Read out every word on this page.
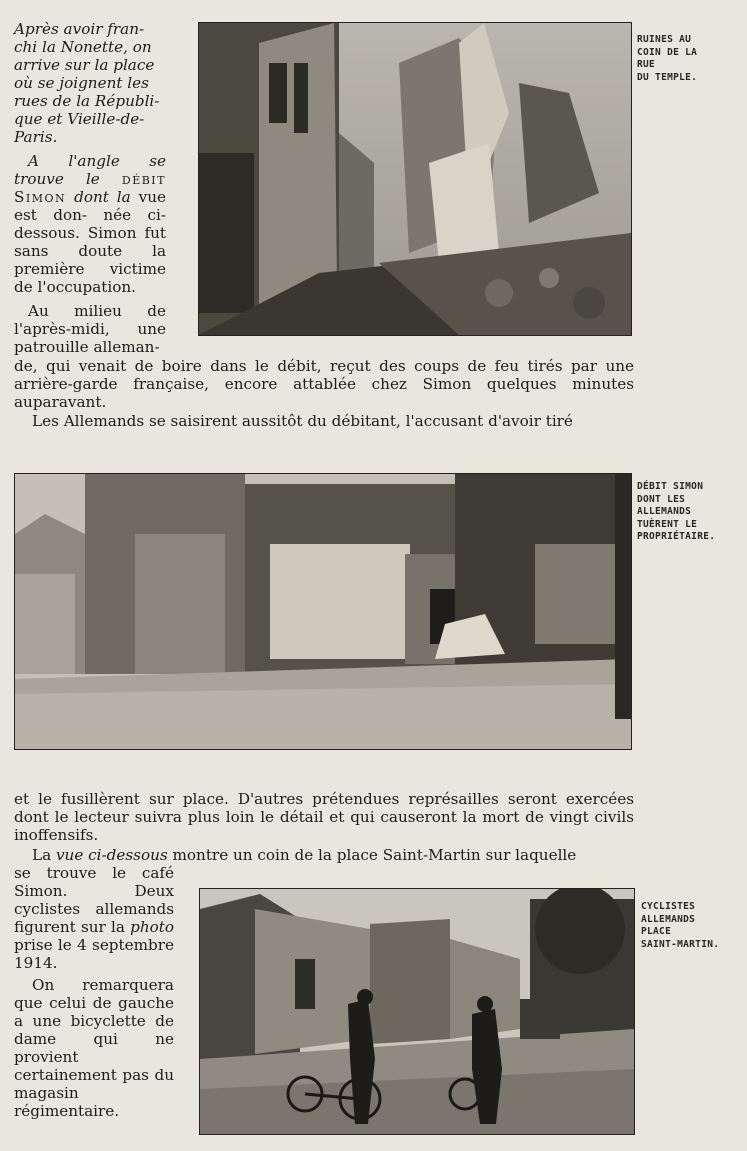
Après avoir fran-
chi la Nonette, on
arrive sur la place
où se joignent les
rues de la Républi-
que et Vieille-de-
Paris.

A l'angle se trouve le débit Simon dont la vue est don- née ci-dessous. Simon fut sans doute la première victime de l'occupation.

Au milieu de l'après-midi, une patrouille alleman-

de, qui venait de boire dans le débit, reçut des coups de feu tirés par une arrière-garde française, encore attablée chez Simon quelques minutes auparavant.

Les Allemands se saisirent aussitôt du débitant, l'accusant d'avoir tiré

RUINES AU
COIN DE LA
RUE
DU TEMPLE.
DÉBIT SIMON
DONT LES
ALLEMANDS
TUÈRENT LE
PROPRIÉTAIRE.

et le fusillèrent sur place. D'autres prétendues représailles seront exercées dont le lecteur suivra plus loin le détail et qui causeront la mort de vingt civils inoffensifs.

La vue ci-dessous montre un coin de la place Saint-Martin sur laquelle

se trouve le café Simon. Deux cyclistes allemands figurent sur la photo prise le 4 septembre 1914.

On remarquera que celui de gauche a une bicyclette de dame qui ne provient certainement pas du magasin régimentaire.

CYCLISTES
ALLEMANDS
PLACE
SAINT-MARTIN.
